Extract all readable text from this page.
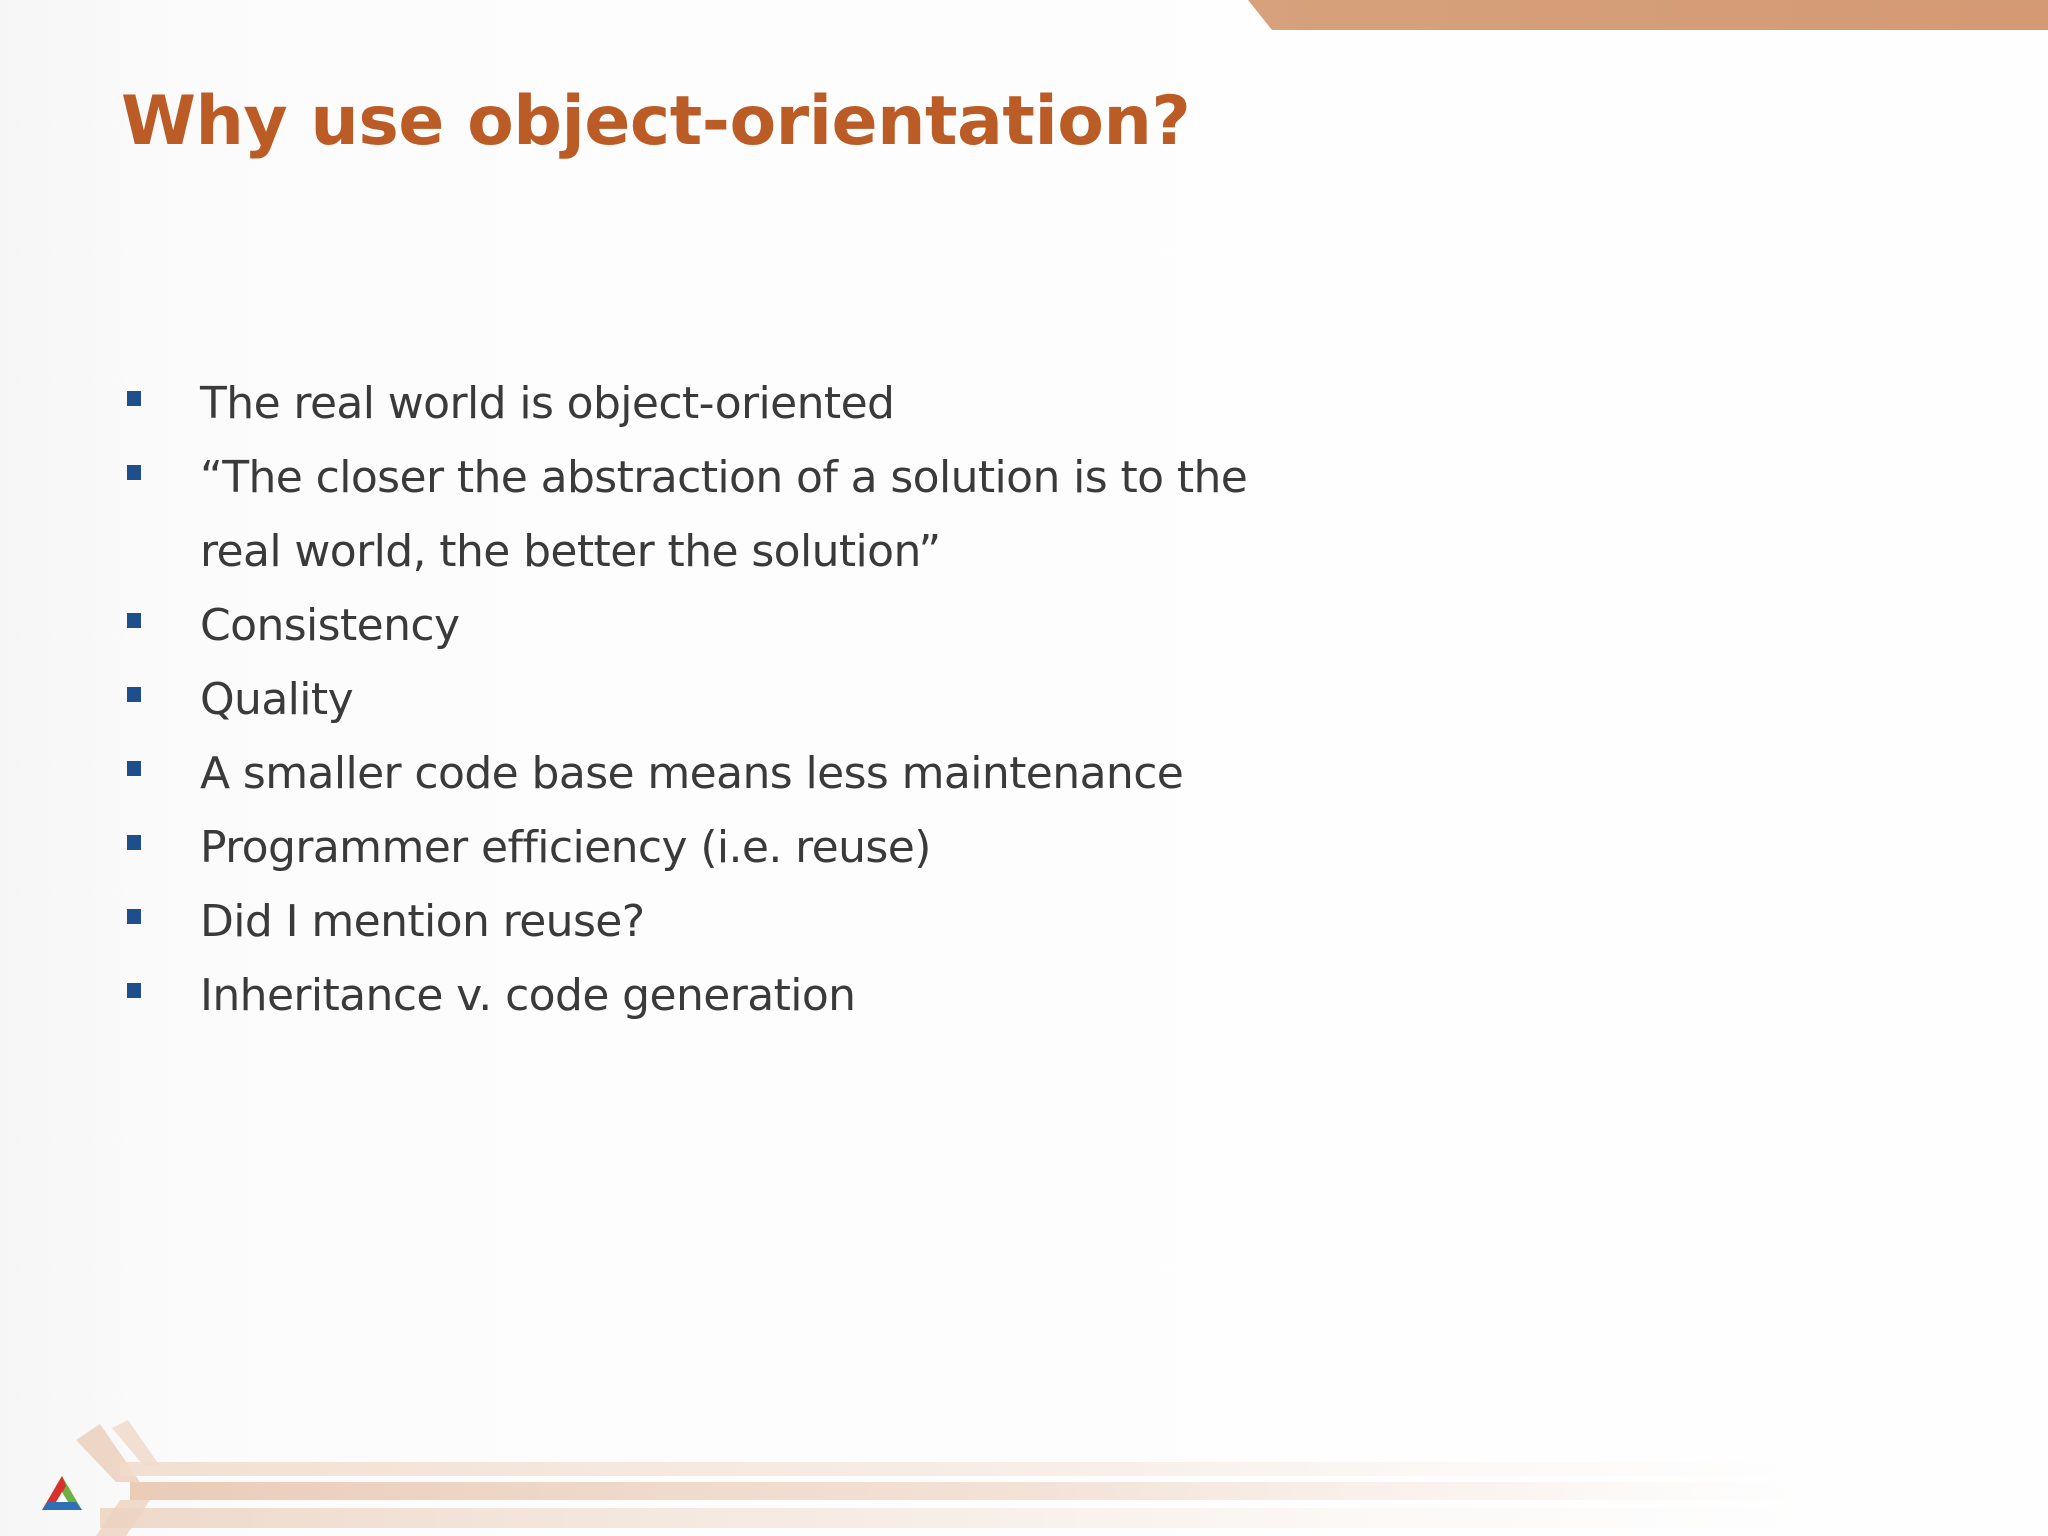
Why use object-orientation?
The real world is object-oriented
“The closer the abstraction of a solution is to the
real world, the better the solution”
Consistency
Quality
A smaller code base means less maintenance
Programmer efficiency (i.e. reuse)
Did I mention reuse?
Inheritance v. code generation
